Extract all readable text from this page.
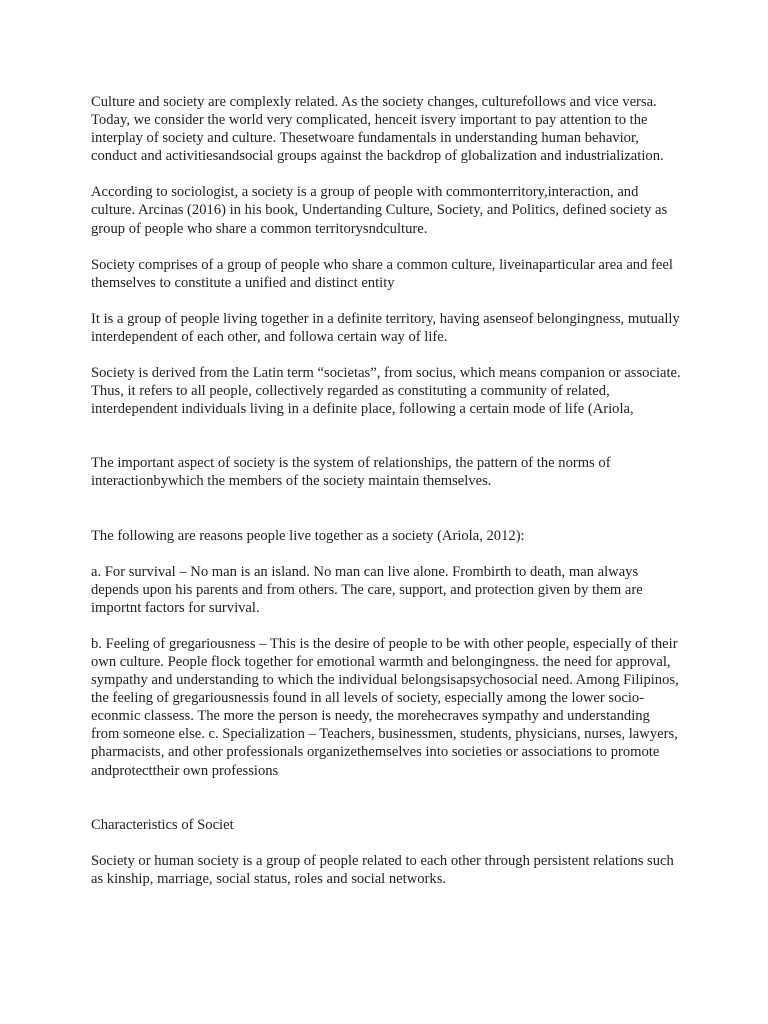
Culture and society are complexly related. As the society changes, culturefollows and vice versa. Today, we consider the world very complicated, henceit isvery important to pay attention to the interplay of society and culture. Thesetwoare fundamentals in understanding human behavior, conduct and activitiesandsocial groups against the backdrop of globalization and industrialization.

According to sociologist, a society is a group of people with commonterritory,interaction, and culture. Arcinas (2016) in his book, Undertanding Culture, Society, and Politics, defined society as group of people who share a common territorysndculture.

Society comprises of a group of people who share a common culture, liveinaparticular area and feel themselves to constitute a unified and distinct entity

It is a group of people living together in a definite territory, having asenseof belongingness, mutually interdependent of each other, and followa certain way of life.

Society is derived from the Latin term “societas”, from socius, which means companion or associate. Thus, it refers to all people, collectively regarded as constituting a community of related, interdependent individuals living in a definite place, following a certain mode of life (Ariola,

The important aspect of society is the system of relationships, the pattern of the norms of interactionbywhich the members of the society maintain themselves.

The following are reasons people live together as a society (Ariola, 2012):

a. For survival – No man is an island. No man can live alone. Frombirth to death, man always depends upon his parents and from others. The care, support, and protection given by them are importnt factors for survival.

b. Feeling of gregariousness – This is the desire of people to be with other people, especially of their own culture. People flock together for emotional warmth and belongingness. the need for approval, sympathy and understanding to which the individual belongsisapsychosocial need. Among Filipinos, the feeling of gregariousnessis found in all levels of society, especially among the lower socio-econmic classess. The more the person is needy, the morehecraves sympathy and understanding from someone else. c. Specialization – Teachers, businessmen, students, physicians, nurses, lawyers, pharmacists, and other professionals organizethemselves into societies or associations to promote andprotecttheir own professions

Characteristics of Societ

Society or human society is a group of people related to each other through persistent relations such as kinship, marriage, social status, roles and social networks.
